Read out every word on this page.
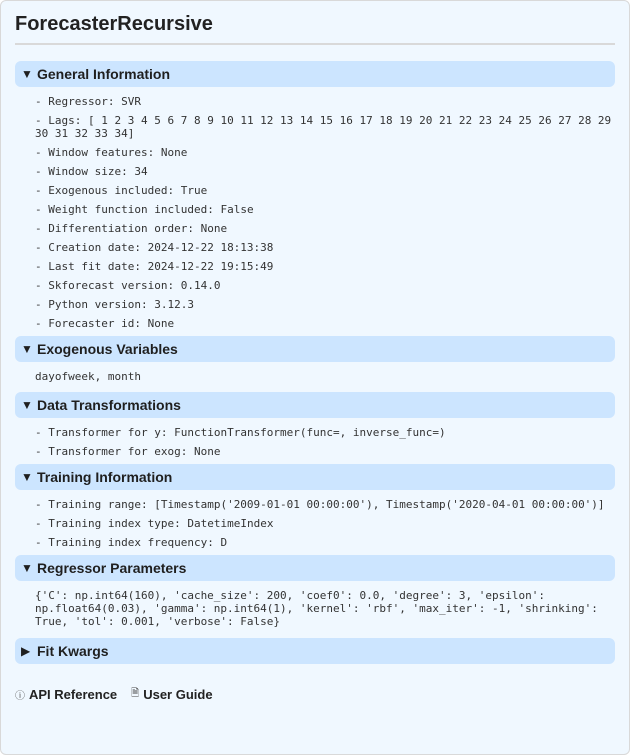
ForecasterRecursive
▼ General Information
- Regressor: SVR
- Lags: [ 1 2 3 4 5 6 7 8 9 10 11 12 13 14 15 16 17 18 19 20 21 22 23 24 25 26 27 28 29 30 31 32 33 34]
- Window features: None
- Window size: 34
- Exogenous included: True
- Weight function included: False
- Differentiation order: None
- Creation date: 2024-12-22 18:13:38
- Last fit date: 2024-12-22 19:15:49
- Skforecast version: 0.14.0
- Python version: 3.12.3
- Forecaster id: None
▼ Exogenous Variables
dayofweek, month
▼ Data Transformations
- Transformer for y: FunctionTransformer(func=, inverse_func=)
- Transformer for exog: None
▼ Training Information
- Training range: [Timestamp('2009-01-01 00:00:00'), Timestamp('2020-04-01 00:00:00')]
- Training index type: DatetimeIndex
- Training index frequency: D
▼ Regressor Parameters
{'C': np.int64(160), 'cache_size': 200, 'coef0': 0.0, 'degree': 3, 'epsilon': np.float64(0.03), 'gamma': np.int64(1), 'kernel': 'rbf', 'max_iter': -1, 'shrinking': True, 'tol': 0.001, 'verbose': False}
▶ Fit Kwargs
ⓘ API Reference 🗎 User Guide
